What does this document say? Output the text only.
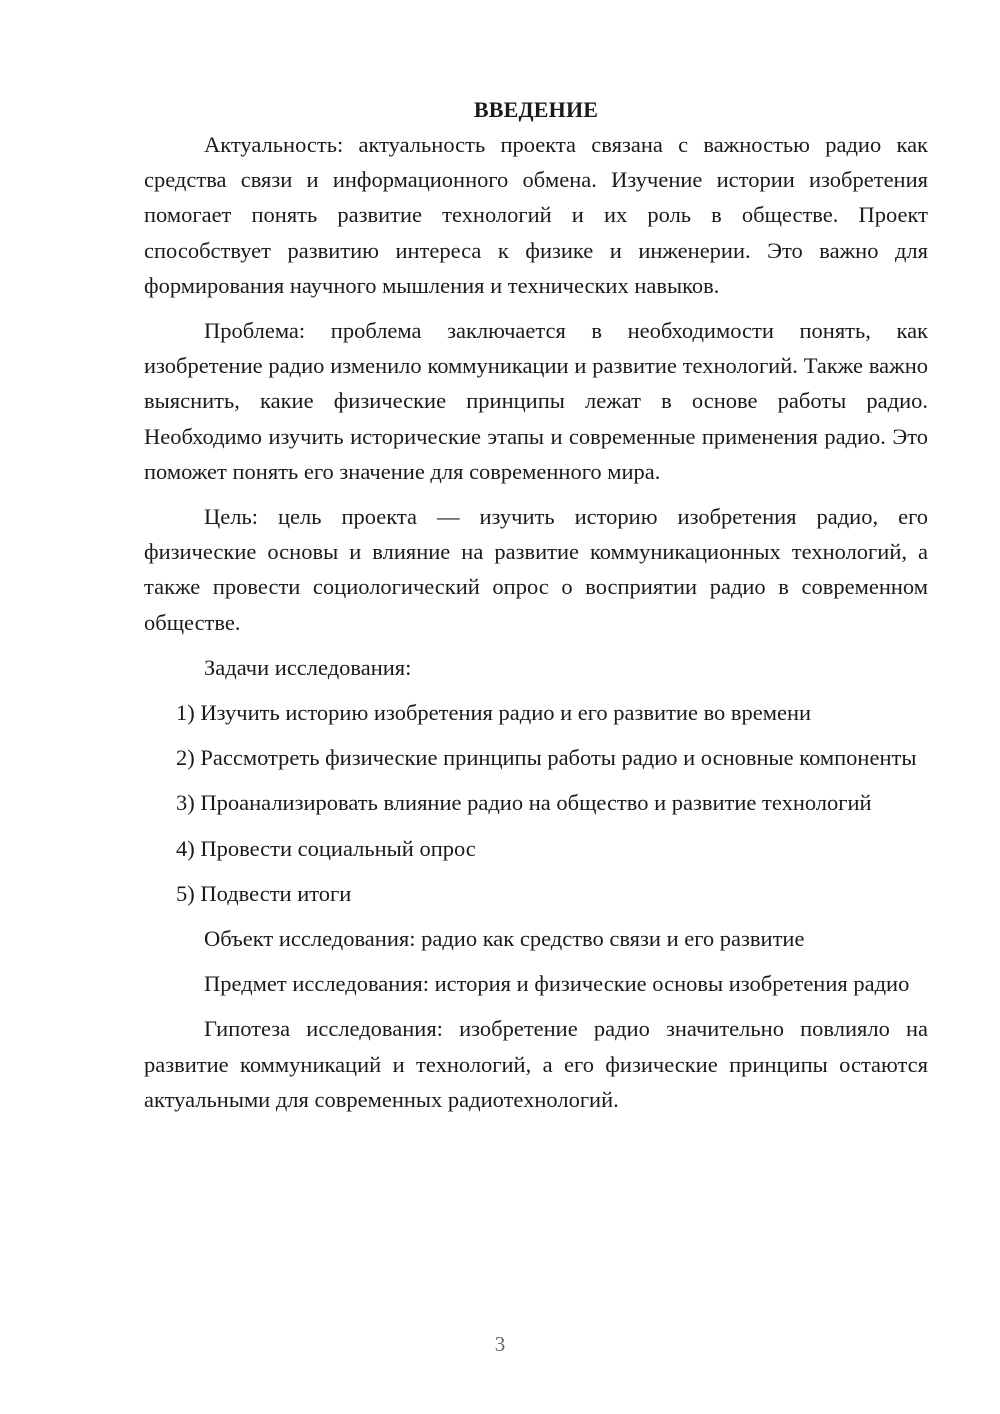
ВВЕДЕНИЕ

Актуальность: актуальность проекта связана с важностью радио как средства связи и информационного обмена. Изучение истории изобретения помогает понять развитие технологий и их роль в обществе. Проект способствует развитию интереса к физике и инженерии. Это важно для формирования научного мышления и технических навыков.

Проблема: проблема заключается в необходимости понять, как изобретение радио изменило коммуникации и развитие технологий. Также важно выяснить, какие физические принципы лежат в основе работы радио. Необходимо изучить исторические этапы и современные применения радио. Это поможет понять его значение для современного мира.

Цель: цель проекта — изучить историю изобретения радио, его физические основы и влияние на развитие коммуникационных технологий, а также провести социологический опрос о восприятии радио в современном обществе.

Задачи исследования:

1) Изучить историю изобретения радио и его развитие во времени

2) Рассмотреть физические принципы работы радио и основные компоненты

3) Проанализировать влияние радио на общество и развитие технологий

4) Провести социальный опрос

5) Подвести итоги

Объект исследования: радио как средство связи и его развитие

Предмет исследования: история и физические основы изобретения радио

Гипотеза исследования: изобретение радио значительно повлияло на развитие коммуникаций и технологий, а его физические принципы остаются актуальными для современных радиотехнологий.

3
